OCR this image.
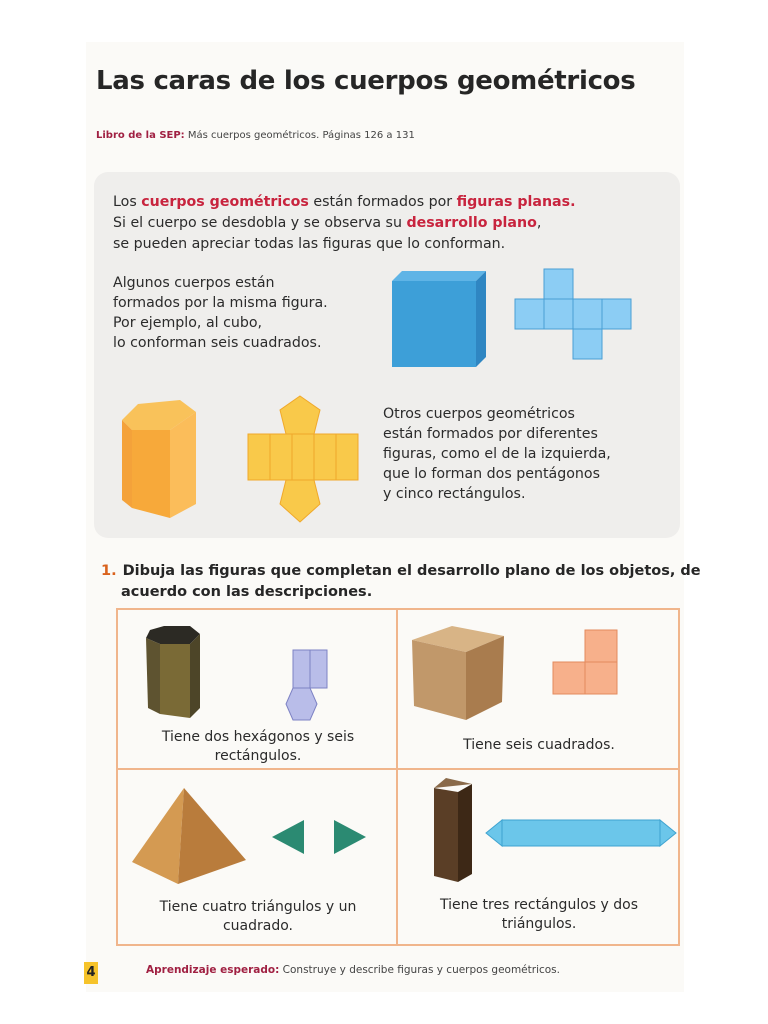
Las caras de los cuerpos geométricos
Libro de la SEP: Más cuerpos geométricos. Páginas 126 a 131

Los cuerpos geométricos están formados por figuras planas.

Si el cuerpo se desdobla y se observa su desarrollo plano,

se pueden apreciar todas las figuras que lo conforman.

Algunos cuerpos están

formados por la misma figura.

Por ejemplo, al cubo,

lo conforman seis cuadrados.

Otros cuerpos geométricos

están formados por diferentes

figuras, como el de la izquierda,

que lo forman dos pentágonos

y cinco rectángulos.

1. Dibuja las figuras que completan el desarrollo plano de los objetos, de
acuerdo con las descripciones.
Tiene dos hexágonos y seis
rectángulos.
Tiene seis cuadrados.
Tiene cuatro triángulos y un
cuadrado.
Tiene tres rectángulos y dos
triángulos.
4	Aprendizaje esperado: Construye y describe figuras y cuerpos geométricos.
